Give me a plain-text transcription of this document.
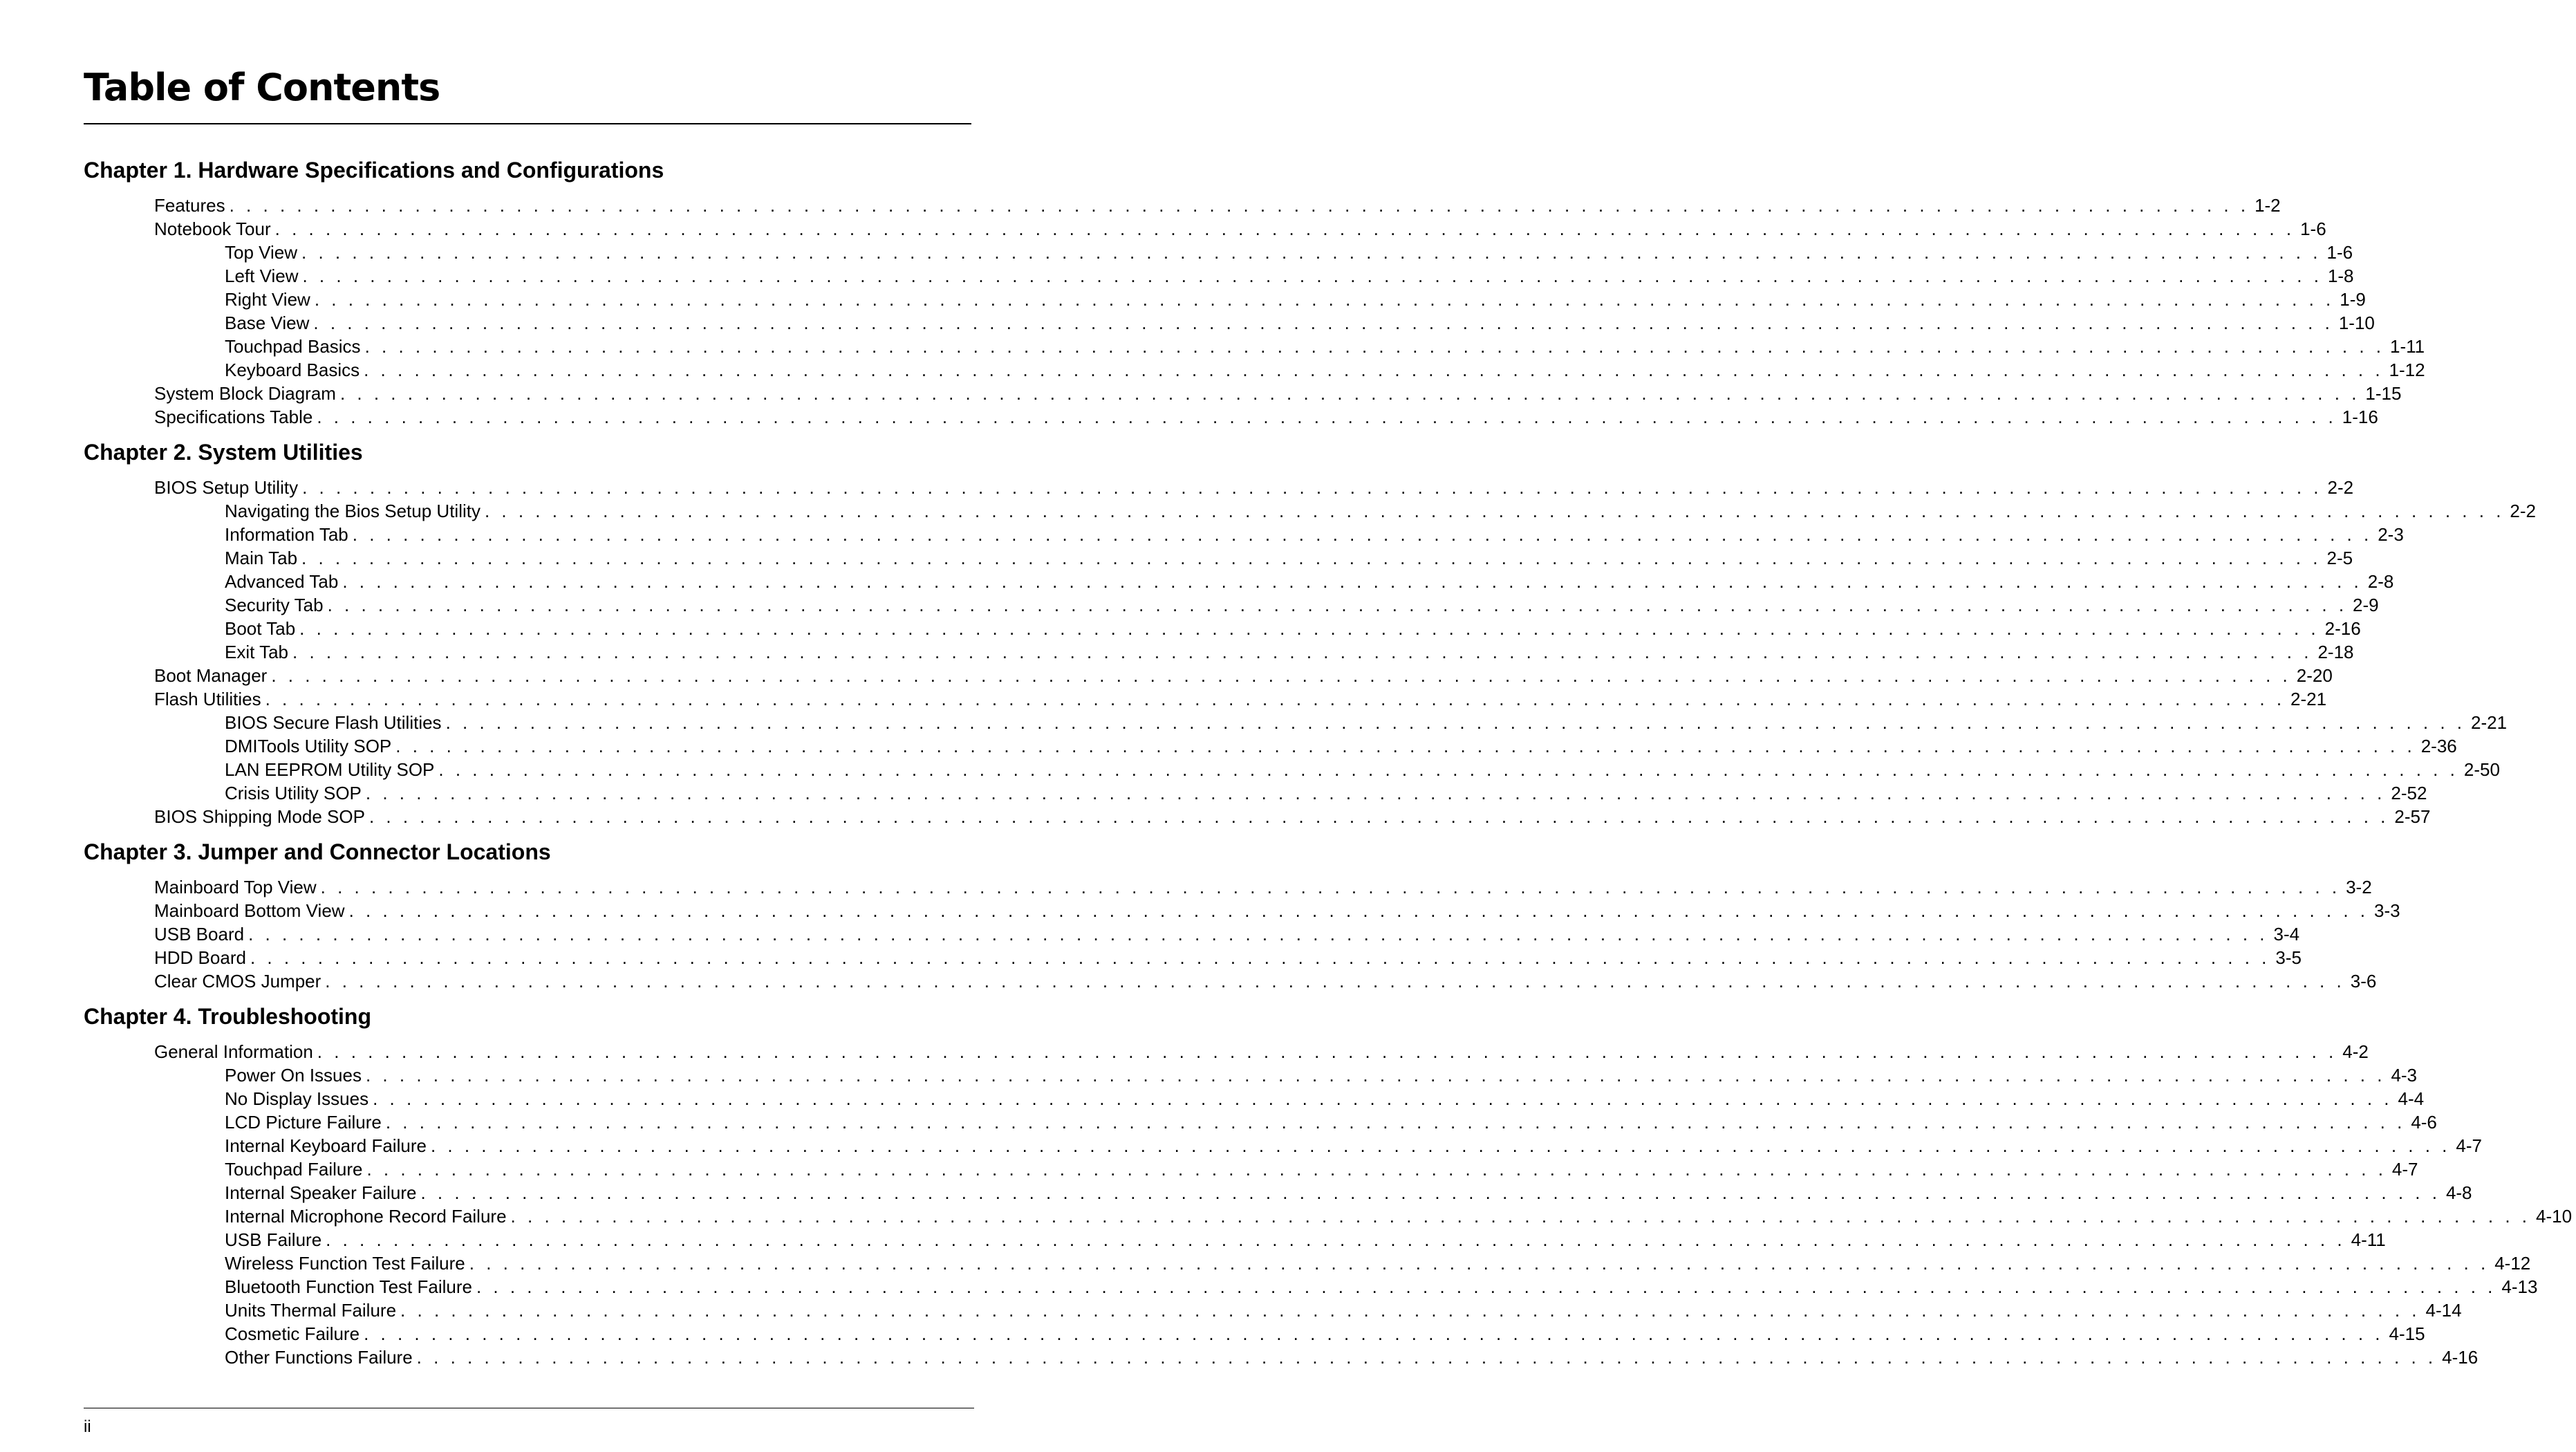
Table of Contents
Chapter 1. Hardware Specifications and Configurations
Features . . . . . . . . . . . . . . . . . . . . . . . . . . . . . . . . . . . . . . . . . . . . . . . . . . . . . . . . . . . . . . . . . . . . . . . . . . . . . . . . . . . . . . . . . . . . . . . . . . . . . . . . . . . . . . . . . . . . . . . . 1-2
Notebook Tour . . . . . . . . . . . . . . . . . . . . . . . . . . . . . . . . . . . . . . . . . . . . . . . . . . . . . . . . . . . . . . . . . . . . . . . . . . . . . . . . . . . . . . . . . . . . . . . . . . . . . . . . . . . . . . . . . . . . . . . . 1-6
Top View . . . . . . . . . . . . . . . . . . . . . . . . . . . . . . . . . . . . . . . . . . . . . . . . . . . . . . . . . . . . . . . . . . . . . . . . . . . . . . . . . . . . . . . . . . . . . . . . . . . . . . . . . . . . . . . . . . . . . . . . 1-6
Left View . . . . . . . . . . . . . . . . . . . . . . . . . . . . . . . . . . . . . . . . . . . . . . . . . . . . . . . . . . . . . . . . . . . . . . . . . . . . . . . . . . . . . . . . . . . . . . . . . . . . . . . . . . . . . . . . . . . . . . . . 1-8
Right View . . . . . . . . . . . . . . . . . . . . . . . . . . . . . . . . . . . . . . . . . . . . . . . . . . . . . . . . . . . . . . . . . . . . . . . . . . . . . . . . . . . . . . . . . . . . . . . . . . . . . . . . . . . . . . . . . . . . . . . . 1-9
Base View . . . . . . . . . . . . . . . . . . . . . . . . . . . . . . . . . . . . . . . . . . . . . . . . . . . . . . . . . . . . . . . . . . . . . . . . . . . . . . . . . . . . . . . . . . . . . . . . . . . . . . . . . . . . . . . . . . . . . . . . 1-10
Touchpad Basics . . . . . . . . . . . . . . . . . . . . . . . . . . . . . . . . . . . . . . . . . . . . . . . . . . . . . . . . . . . . . . . . . . . . . . . . . . . . . . . . . . . . . . . . . . . . . . . . . . . . . . . . . . . . . . . . . . . . . . . . 1-11
Keyboard Basics . . . . . . . . . . . . . . . . . . . . . . . . . . . . . . . . . . . . . . . . . . . . . . . . . . . . . . . . . . . . . . . . . . . . . . . . . . . . . . . . . . . . . . . . . . . . . . . . . . . . . . . . . . . . . . . . . . . . . . . . 1-12
System Block Diagram . . . . . . . . . . . . . . . . . . . . . . . . . . . . . . . . . . . . . . . . . . . . . . . . . . . . . . . . . . . . . . . . . . . . . . . . . . . . . . . . . . . . . . . . . . . . . . . . . . . . . . . . . . . . . . . . . . . . . . . . 1-15
Specifications Table . . . . . . . . . . . . . . . . . . . . . . . . . . . . . . . . . . . . . . . . . . . . . . . . . . . . . . . . . . . . . . . . . . . . . . . . . . . . . . . . . . . . . . . . . . . . . . . . . . . . . . . . . . . . . . . . . . . . . . . . 1-16
Chapter 2. System Utilities
BIOS Setup Utility . . . . . . . . . . . . . . . . . . . . . . . . . . . . . . . . . . . . . . . . . . . . . . . . . . . . . . . . . . . . . . . . . . . . . . . . . . . . . . . . . . . . . . . . . . . . . . . . . . . . . . . . . . . . . . . . . . . . . . . . 2-2
Navigating the Bios Setup Utility . . . . . . . . . . . . . . . . . . . . . . . . . . . . . . . . . . . . . . . . . . . . . . . . . . . . . . . . . . . . . . . . . . . . . . . . . . . . . . . . . . . . . . . . . . . . . . . . . . . . . . . . . . . . . . . . . . . . . . . . 2-2
Information Tab . . . . . . . . . . . . . . . . . . . . . . . . . . . . . . . . . . . . . . . . . . . . . . . . . . . . . . . . . . . . . . . . . . . . . . . . . . . . . . . . . . . . . . . . . . . . . . . . . . . . . . . . . . . . . . . . . . . . . . . . 2-3
Main Tab . . . . . . . . . . . . . . . . . . . . . . . . . . . . . . . . . . . . . . . . . . . . . . . . . . . . . . . . . . . . . . . . . . . . . . . . . . . . . . . . . . . . . . . . . . . . . . . . . . . . . . . . . . . . . . . . . . . . . . . . 2-5
Advanced Tab . . . . . . . . . . . . . . . . . . . . . . . . . . . . . . . . . . . . . . . . . . . . . . . . . . . . . . . . . . . . . . . . . . . . . . . . . . . . . . . . . . . . . . . . . . . . . . . . . . . . . . . . . . . . . . . . . . . . . . . . 2-8
Security Tab . . . . . . . . . . . . . . . . . . . . . . . . . . . . . . . . . . . . . . . . . . . . . . . . . . . . . . . . . . . . . . . . . . . . . . . . . . . . . . . . . . . . . . . . . . . . . . . . . . . . . . . . . . . . . . . . . . . . . . . . 2-9
Boot Tab . . . . . . . . . . . . . . . . . . . . . . . . . . . . . . . . . . . . . . . . . . . . . . . . . . . . . . . . . . . . . . . . . . . . . . . . . . . . . . . . . . . . . . . . . . . . . . . . . . . . . . . . . . . . . . . . . . . . . . . . 2-16
Exit Tab . . . . . . . . . . . . . . . . . . . . . . . . . . . . . . . . . . . . . . . . . . . . . . . . . . . . . . . . . . . . . . . . . . . . . . . . . . . . . . . . . . . . . . . . . . . . . . . . . . . . . . . . . . . . . . . . . . . . . . . . 2-18
Boot Manager . . . . . . . . . . . . . . . . . . . . . . . . . . . . . . . . . . . . . . . . . . . . . . . . . . . . . . . . . . . . . . . . . . . . . . . . . . . . . . . . . . . . . . . . . . . . . . . . . . . . . . . . . . . . . . . . . . . . . . . . 2-20
Flash Utilities . . . . . . . . . . . . . . . . . . . . . . . . . . . . . . . . . . . . . . . . . . . . . . . . . . . . . . . . . . . . . . . . . . . . . . . . . . . . . . . . . . . . . . . . . . . . . . . . . . . . . . . . . . . . . . . . . . . . . . . . 2-21
BIOS Secure Flash Utilities . . . . . . . . . . . . . . . . . . . . . . . . . . . . . . . . . . . . . . . . . . . . . . . . . . . . . . . . . . . . . . . . . . . . . . . . . . . . . . . . . . . . . . . . . . . . . . . . . . . . . . . . . . . . . . . . . . . . . . . . 2-21
DMITools Utility SOP . . . . . . . . . . . . . . . . . . . . . . . . . . . . . . . . . . . . . . . . . . . . . . . . . . . . . . . . . . . . . . . . . . . . . . . . . . . . . . . . . . . . . . . . . . . . . . . . . . . . . . . . . . . . . . . . . . . . . . . . 2-36
LAN EEPROM Utility SOP . . . . . . . . . . . . . . . . . . . . . . . . . . . . . . . . . . . . . . . . . . . . . . . . . . . . . . . . . . . . . . . . . . . . . . . . . . . . . . . . . . . . . . . . . . . . . . . . . . . . . . . . . . . . . . . . . . . . . . . . 2-50
Crisis Utility SOP . . . . . . . . . . . . . . . . . . . . . . . . . . . . . . . . . . . . . . . . . . . . . . . . . . . . . . . . . . . . . . . . . . . . . . . . . . . . . . . . . . . . . . . . . . . . . . . . . . . . . . . . . . . . . . . . . . . . . . . . 2-52
BIOS Shipping Mode SOP . . . . . . . . . . . . . . . . . . . . . . . . . . . . . . . . . . . . . . . . . . . . . . . . . . . . . . . . . . . . . . . . . . . . . . . . . . . . . . . . . . . . . . . . . . . . . . . . . . . . . . . . . . . . . . . . . . . . . . . . 2-57
Chapter 3. Jumper and Connector Locations
Mainboard Top View . . . . . . . . . . . . . . . . . . . . . . . . . . . . . . . . . . . . . . . . . . . . . . . . . . . . . . . . . . . . . . . . . . . . . . . . . . . . . . . . . . . . . . . . . . . . . . . . . . . . . . . . . . . . . . . . . . . . . . . . 3-2
Mainboard Bottom View . . . . . . . . . . . . . . . . . . . . . . . . . . . . . . . . . . . . . . . . . . . . . . . . . . . . . . . . . . . . . . . . . . . . . . . . . . . . . . . . . . . . . . . . . . . . . . . . . . . . . . . . . . . . . . . . . . . . . . . . 3-3
USB Board . . . . . . . . . . . . . . . . . . . . . . . . . . . . . . . . . . . . . . . . . . . . . . . . . . . . . . . . . . . . . . . . . . . . . . . . . . . . . . . . . . . . . . . . . . . . . . . . . . . . . . . . . . . . . . . . . . . . . . . . 3-4
HDD Board . . . . . . . . . . . . . . . . . . . . . . . . . . . . . . . . . . . . . . . . . . . . . . . . . . . . . . . . . . . . . . . . . . . . . . . . . . . . . . . . . . . . . . . . . . . . . . . . . . . . . . . . . . . . . . . . . . . . . . . . 3-5
Clear CMOS Jumper . . . . . . . . . . . . . . . . . . . . . . . . . . . . . . . . . . . . . . . . . . . . . . . . . . . . . . . . . . . . . . . . . . . . . . . . . . . . . . . . . . . . . . . . . . . . . . . . . . . . . . . . . . . . . . . . . . . . . . . . 3-6
Chapter 4. Troubleshooting
General Information . . . . . . . . . . . . . . . . . . . . . . . . . . . . . . . . . . . . . . . . . . . . . . . . . . . . . . . . . . . . . . . . . . . . . . . . . . . . . . . . . . . . . . . . . . . . . . . . . . . . . . . . . . . . . . . . . . . . . . . . 4-2
Power On Issues . . . . . . . . . . . . . . . . . . . . . . . . . . . . . . . . . . . . . . . . . . . . . . . . . . . . . . . . . . . . . . . . . . . . . . . . . . . . . . . . . . . . . . . . . . . . . . . . . . . . . . . . . . . . . . . . . . . . . . . . 4-3
No Display Issues . . . . . . . . . . . . . . . . . . . . . . . . . . . . . . . . . . . . . . . . . . . . . . . . . . . . . . . . . . . . . . . . . . . . . . . . . . . . . . . . . . . . . . . . . . . . . . . . . . . . . . . . . . . . . . . . . . . . . . . . 4-4
LCD Picture Failure . . . . . . . . . . . . . . . . . . . . . . . . . . . . . . . . . . . . . . . . . . . . . . . . . . . . . . . . . . . . . . . . . . . . . . . . . . . . . . . . . . . . . . . . . . . . . . . . . . . . . . . . . . . . . . . . . . . . . . . . 4-6
Internal Keyboard Failure . . . . . . . . . . . . . . . . . . . . . . . . . . . . . . . . . . . . . . . . . . . . . . . . . . . . . . . . . . . . . . . . . . . . . . . . . . . . . . . . . . . . . . . . . . . . . . . . . . . . . . . . . . . . . . . . . . . . . . . . 4-7
Touchpad Failure . . . . . . . . . . . . . . . . . . . . . . . . . . . . . . . . . . . . . . . . . . . . . . . . . . . . . . . . . . . . . . . . . . . . . . . . . . . . . . . . . . . . . . . . . . . . . . . . . . . . . . . . . . . . . . . . . . . . . . . . 4-7
Internal Speaker Failure . . . . . . . . . . . . . . . . . . . . . . . . . . . . . . . . . . . . . . . . . . . . . . . . . . . . . . . . . . . . . . . . . . . . . . . . . . . . . . . . . . . . . . . . . . . . . . . . . . . . . . . . . . . . . . . . . . . . . . . . 4-8
Internal Microphone Record Failure . . . . . . . . . . . . . . . . . . . . . . . . . . . . . . . . . . . . . . . . . . . . . . . . . . . . . . . . . . . . . . . . . . . . . . . . . . . . . . . . . . . . . . . . . . . . . . . . . . . . . . . . . . . . . . . . . . . . . . . . 4-10
USB Failure . . . . . . . . . . . . . . . . . . . . . . . . . . . . . . . . . . . . . . . . . . . . . . . . . . . . . . . . . . . . . . . . . . . . . . . . . . . . . . . . . . . . . . . . . . . . . . . . . . . . . . . . . . . . . . . . . . . . . . . . 4-11
Wireless Function Test Failure . . . . . . . . . . . . . . . . . . . . . . . . . . . . . . . . . . . . . . . . . . . . . . . . . . . . . . . . . . . . . . . . . . . . . . . . . . . . . . . . . . . . . . . . . . . . . . . . . . . . . . . . . . . . . . . . . . . . . . . . 4-12
Bluetooth Function Test Failure . . . . . . . . . . . . . . . . . . . . . . . . . . . . . . . . . . . . . . . . . . . . . . . . . . . . . . . . . . . . . . . . . . . . . . . . . . . . . . . . . . . . . . . . . . . . . . . . . . . . . . . . . . . . . . . . . . . . . . . . 4-13
Units Thermal Failure . . . . . . . . . . . . . . . . . . . . . . . . . . . . . . . . . . . . . . . . . . . . . . . . . . . . . . . . . . . . . . . . . . . . . . . . . . . . . . . . . . . . . . . . . . . . . . . . . . . . . . . . . . . . . . . . . . . . . . . . 4-14
Cosmetic Failure . . . . . . . . . . . . . . . . . . . . . . . . . . . . . . . . . . . . . . . . . . . . . . . . . . . . . . . . . . . . . . . . . . . . . . . . . . . . . . . . . . . . . . . . . . . . . . . . . . . . . . . . . . . . . . . . . . . . . . . . 4-15
Other Functions Failure . . . . . . . . . . . . . . . . . . . . . . . . . . . . . . . . . . . . . . . . . . . . . . . . . . . . . . . . . . . . . . . . . . . . . . . . . . . . . . . . . . . . . . . . . . . . . . . . . . . . . . . . . . . . . . . . . . . . . . . . 4-16
ii
